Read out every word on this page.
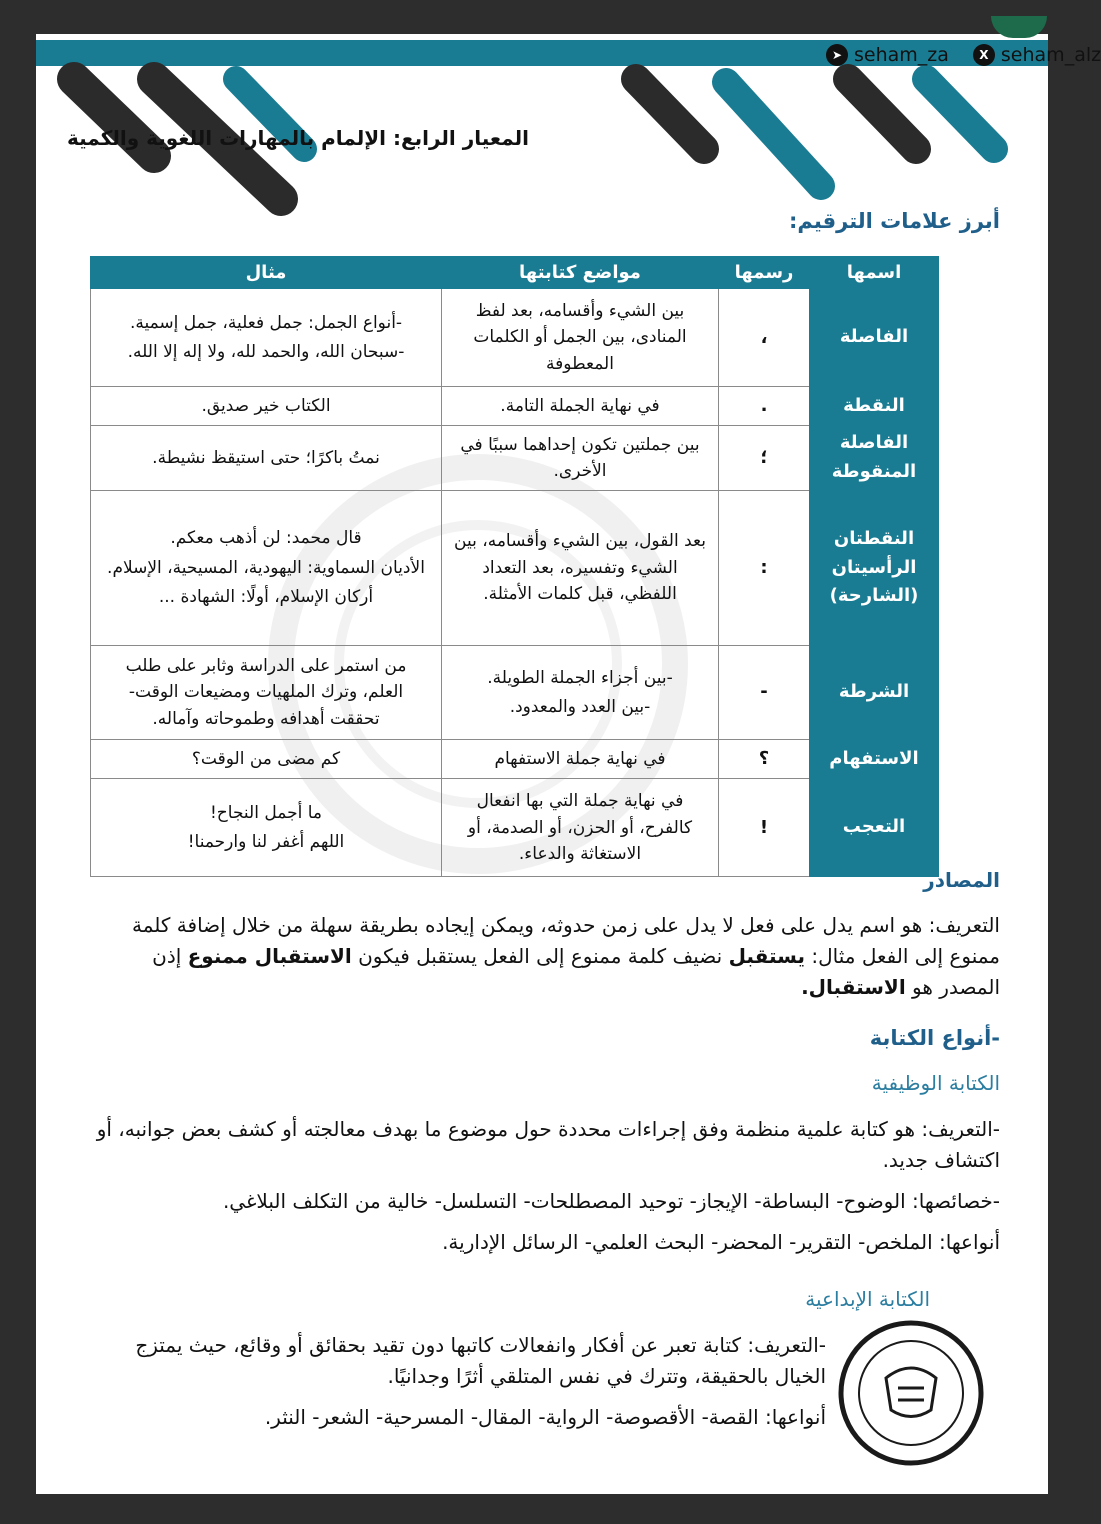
➤ seham_za	X seham_alz
المعيار الرابع: الإلمام بالمهارات اللغوية والكمية
أبرز علامات الترقيم:
اسمها	رسمها	مواضع كتابتها	مثال
الفاصلة	،	بين الشيء وأقسامه، بعد لفظ المنادى، بين الجمل أو الكلمات المعطوفة	-أنواع الجمل: جمل فعلية، جمل إسمية.

-سبحان الله، والحمد لله، ولا إله إلا الله.

النقطة	.	في نهاية الجملة التامة.	الكتاب خير صديق.

الفاصلة المنقوطة	؛	بين جملتين تكون إحداهما سببًا في الأخرى.	نمتُ باكرًا؛ حتى استيقظ نشيطة.

النقطتان الرأسيتان (الشارحة)	:	بعد القول، بين الشيء وأقسامه، بين الشيء وتفسيره، بعد التعداد اللفظي، قبل كلمات الأمثلة.	قال محمد: لن أذهب معكم.

الأديان السماوية: اليهودية، المسيحية، الإسلام.

أركان الإسلام، أولًا: الشهادة ...

الشرطة	-	-بين أجزاء الجملة الطويلة.

-بين العدد والمعدود.	من استمر على الدراسة وثابر على طلب العلم، وترك الملهيات ومضيعات الوقت- تحققت أهدافه وطموحاته وآماله.

الاستفهام	؟	في نهاية جملة الاستفهام	كم مضى من الوقت؟

التعجب	!	في نهاية جملة التي بها انفعال كالفرح، أو الحزن، أو الصدمة، أو الاستغاثة والدعاء.	ما أجمل النجاح!

اللهم أغفر لنا وارحمنا!

المصادر

التعريف: هو اسم يدل على فعل لا يدل على زمن حدوثه، ويمكن إيجاده بطريقة سهلة من خلال إضافة كلمة ممنوع إلى الفعل مثال: يستقبل نضيف كلمة ممنوع إلى الفعل يستقبل فيكون الاستقبال ممنوع إذن المصدر هو الاستقبال.

-أنواع الكتابة

الكتابة الوظيفية

-التعريف: هو كتابة علمية منظمة وفق إجراءات محددة حول موضوع ما بهدف معالجته أو كشف بعض جوانبه، أو اكتشاف جديد.

-خصائصها: الوضوح- البساطة- الإيجاز- توحيد المصطلحات- التسلسل- خالية من التكلف البلاغي.

أنواعها: الملخص- التقرير- المحضر- البحث العلمي- الرسائل الإدارية.

الكتابة الإبداعية

-التعريف: كتابة تعبر عن أفكار وانفعالات كاتبها دون تقيد بحقائق أو وقائع، حيث يمتزج الخيال بالحقيقة، وتترك في نفس المتلقي أثرًا وجدانيًا.

أنواعها: القصة- الأقصوصة- الرواية- المقال- المسرحية- الشعر- النثر.
